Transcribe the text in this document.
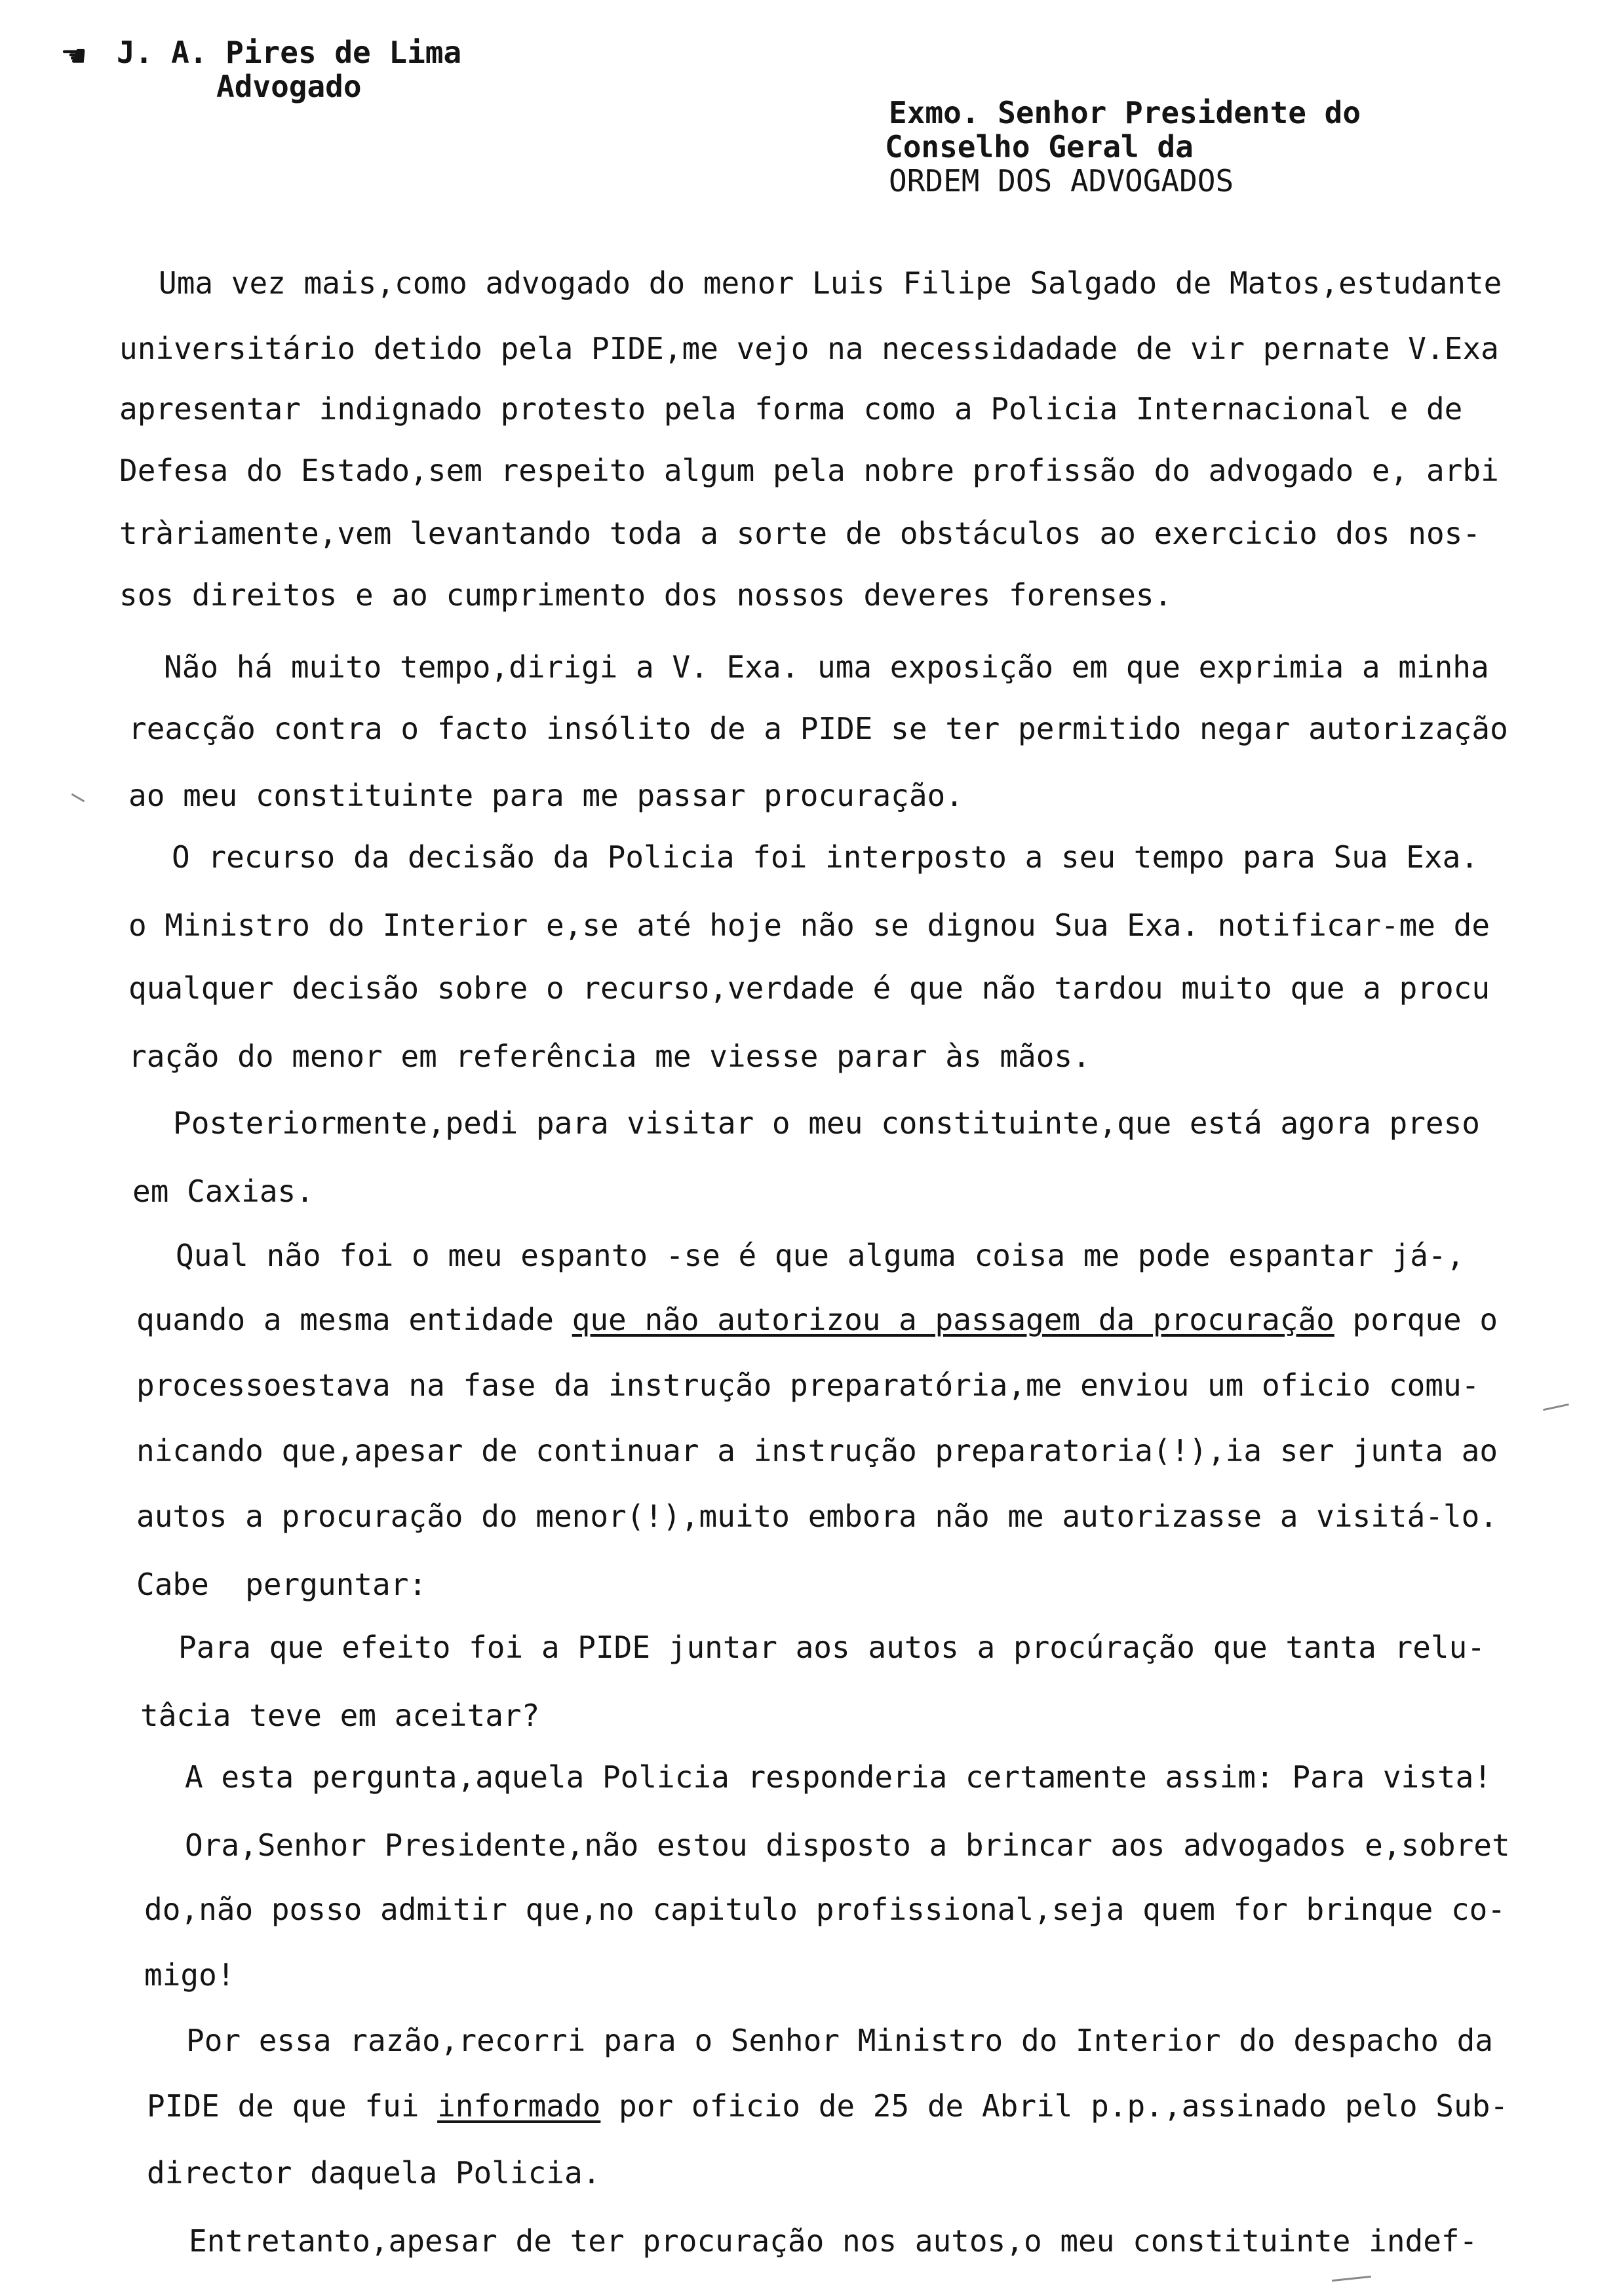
☚ J. A. Pires de Lima
Advogado
Exmo. Senhor Presidente do
Conselho Geral da
ORDEM DOS ADVOGADOS
Uma vez mais,como advogado do menor Luis Filipe Salgado de Matos,estudante
universitário detido pela PIDE,me vejo na necessidadade de vir pernate V.Exa
apresentar indignado protesto pela forma como a Policia Internacional e de
Defesa do Estado,sem respeito algum pela nobre profissão do advogado e, arbi
tràriamente,vem levantando toda a sorte de obstáculos ao exercicio dos nos-
sos direitos e ao cumprimento dos nossos deveres forenses.
Não há muito tempo,dirigi a V. Exa. uma exposição em que exprimia a minha
reacção contra o facto insólito de a PIDE se ter permitido negar autorização
ao meu constituinte para me passar procuração.
O recurso da decisão da Policia foi interposto a seu tempo para Sua Exa.
o Ministro do Interior e,se até hoje não se dignou Sua Exa. notificar-me de
qualquer decisão sobre o recurso,verdade é que não tardou muito que a procu
ração do menor em referência me viesse parar às mãos.
Posteriormente,pedi para visitar o meu constituinte,que está agora preso
em Caxias.
Qual não foi o meu espanto -se é que alguma coisa me pode espantar já-,
quando a mesma entidade que não autorizou a passagem da procuração porque o
processoestava na fase da instrução preparatória,me enviou um oficio comu-
nicando que,apesar de continuar a instrução preparatoria(!),ia ser junta ao
autos a procuração do menor(!),muito embora não me autorizasse a visitá-lo.
Cabe  perguntar:
Para que efeito foi a PIDE juntar aos autos a procúração que tanta relu-
tâcia teve em aceitar?
A esta pergunta,aquela Policia responderia certamente assim: Para vista!
Ora,Senhor Presidente,não estou disposto a brincar aos advogados e,sobret
do,não posso admitir que,no capitulo profissional,seja quem for brinque co-
migo!
Por essa razão,recorri para o Senhor Ministro do Interior do despacho da
PIDE de que fui informado por oficio de 25 de Abril p.p.,assinado pelo Sub-
director daquela Policia.
Entretanto,apesar de ter procuração nos autos,o meu constituinte indef-
